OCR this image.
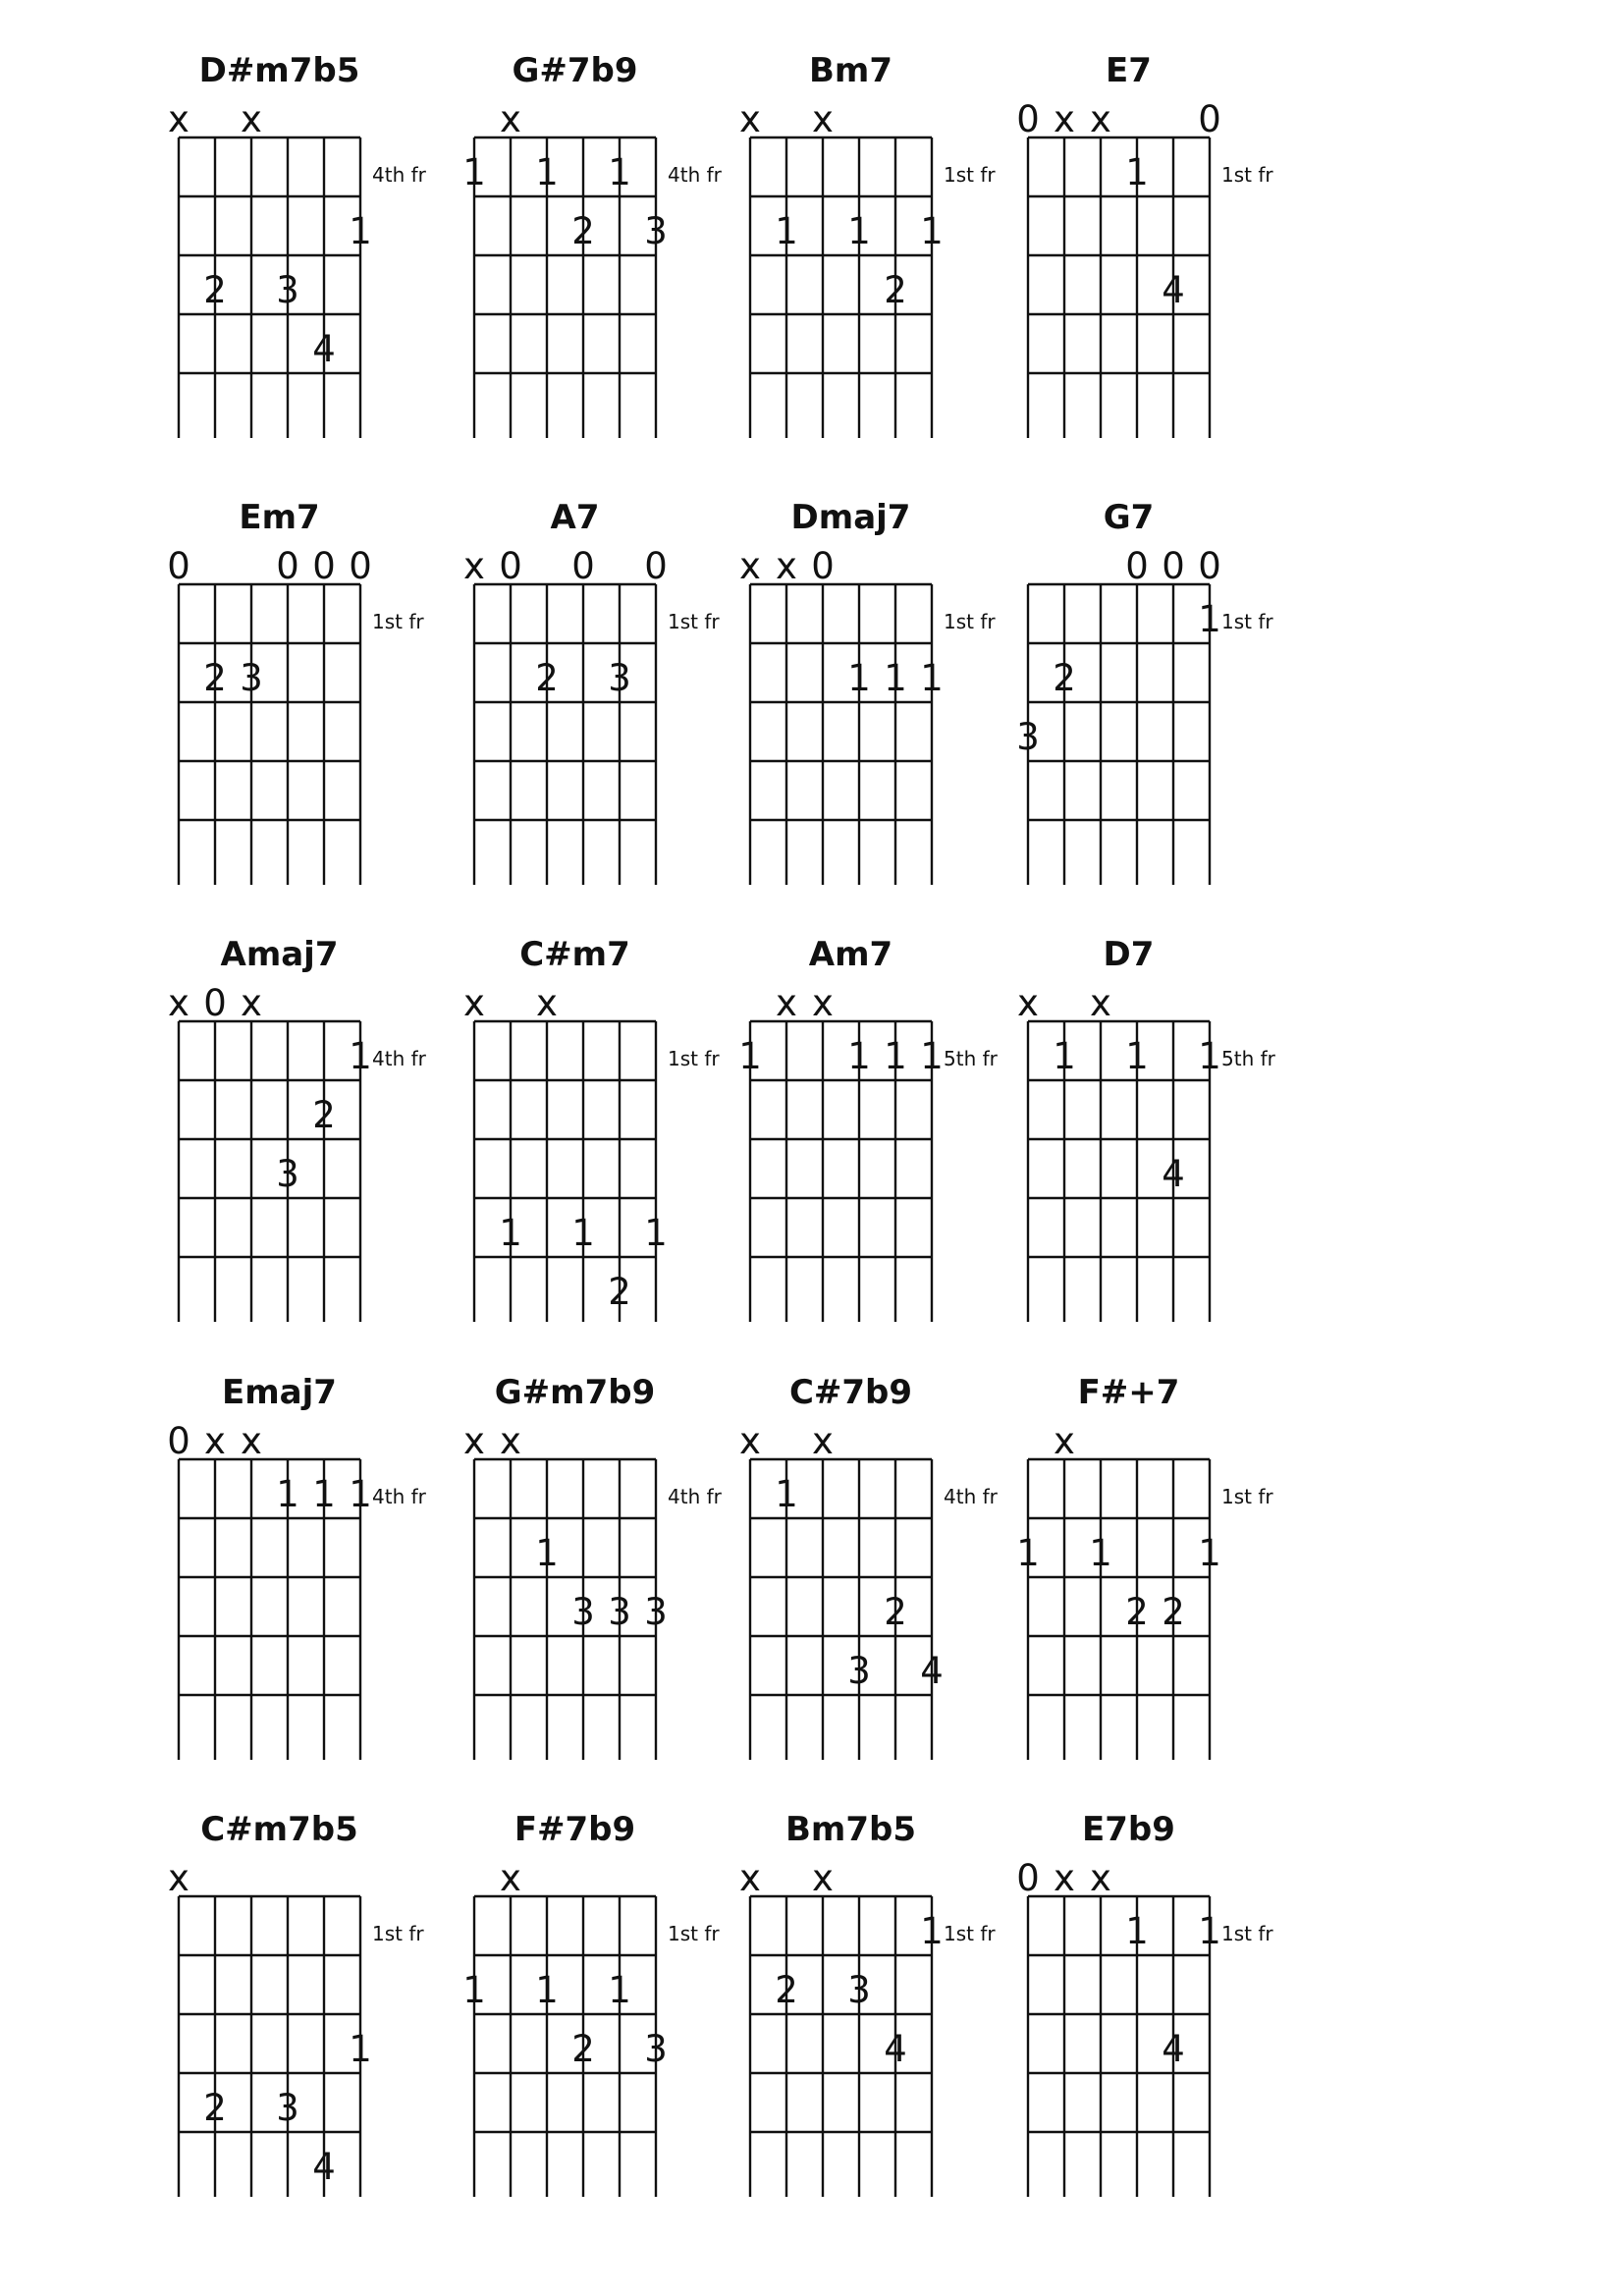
D#m7b5
x x
4th fr
1
2 3
4
G#7b9
x
4th fr
1 1 1
2 3
Bm7
x x
1st fr
1 1 1
2
E7
0 x x 0
1st fr
1
4
Em7
0 0 0 0
1st fr
2 3
A7
x 0 0 0
1st fr
2 3
Dmaj7
x x 0
1st fr
1 1 1
G7
0 0 0
1st fr
1
2
3
Amaj7
x 0 x
4th fr
1
2
3
C#m7
x x
1st fr
1 1 1
2
Am7
x x
5th fr
1 1 1 1
D7
x x
5th fr
1 1 1
4
Emaj7
0 x x
4th fr
1 1 1
G#m7b9
x x
4th fr
1
3 3 3
C#7b9
x x
4th fr
1
2
3 4
F#+7
x
1st fr
1 1 1
2 2
C#m7b5
x
1st fr
1
2 3
4
F#7b9
x
1st fr
1 1 1
2 3
Bm7b5
x x
1st fr
1
2 3
4
E7b9
0 x x
1st fr
1 1
4
